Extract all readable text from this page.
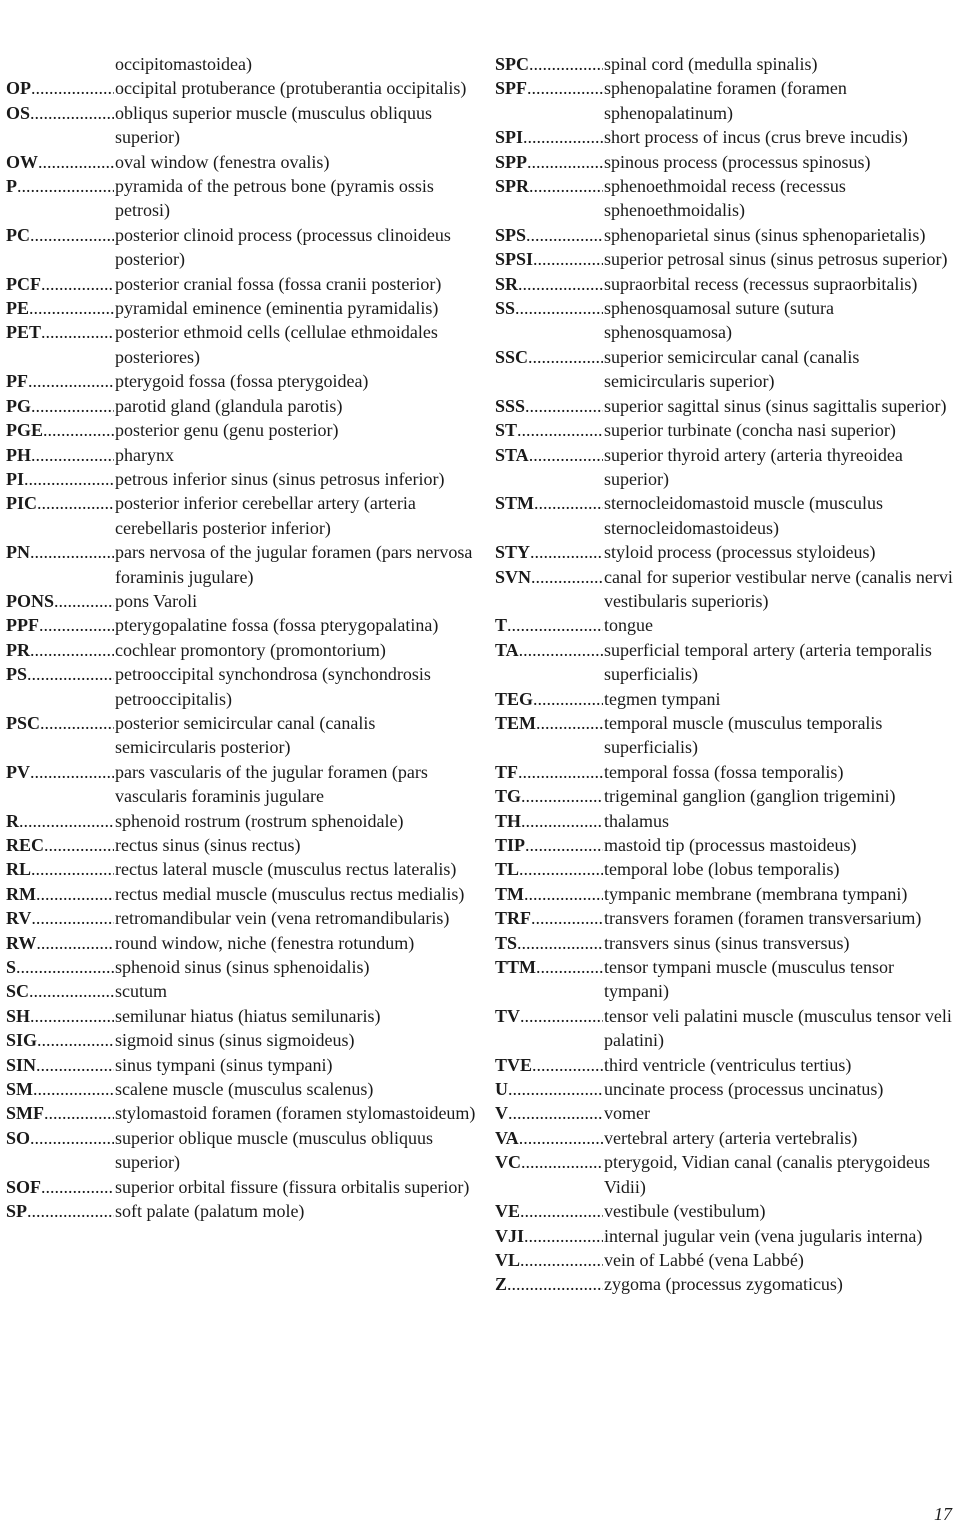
occipitomastoidea)
OP .....	occipital protuberance (protuberantia occipitalis)
OS .....	obliqus superior muscle (musculus obliquus superior)
OW .....	oval window (fenestra ovalis)
P .....	pyramida of the petrous bone (pyramis ossis petrosi)
PC .....	posterior clinoid process (processus clinoideus posterior)
PCF .....	posterior cranial fossa (fossa cranii posterior)
PE .....	pyramidal eminence (eminentia pyramidalis)
PET .....	posterior ethmoid cells (cellulae ethmoidales posteriores)
PF .....	pterygoid fossa (fossa pterygoidea)
PG .....	parotid gland (glandula parotis)
PGE .....	posterior genu (genu posterior)
PH .....	pharynx
PI .....	petrous inferior sinus (sinus petrosus inferior)
PIC .....	posterior inferior cerebellar artery (arteria cerebellaris posterior inferior)
PN .....	pars nervosa of the jugular foramen (pars nervosa foraminis jugulare)
PONS .....	pons Varoli
PPF .....	pterygopalatine fossa (fossa pterygopalatina)
PR .....	cochlear promontory (promontorium)
PS .....	petrooccipital synchondrosa (synchondrosis petrooccipitalis)
PSC .....	posterior semicircular canal (canalis semicircularis posterior)
PV .....	pars vascularis of the jugular foramen (pars vascularis foraminis jugulare
R .....	sphenoid rostrum (rostrum sphenoidale)
REC .....	rectus sinus (sinus rectus)
RL .....	rectus lateral muscle (musculus rectus lateralis)
RM .....	rectus medial muscle (musculus rectus medialis)
RV .....	retromandibular vein (vena retromandibularis)
RW .....	round window, niche (fenestra rotundum)
S .....	sphenoid sinus (sinus sphenoidalis)
SC .....	scutum
SH .....	semilunar hiatus (hiatus semilunaris)
SIG .....	sigmoid sinus (sinus sigmoideus)
SIN .....	sinus tympani (sinus tympani)
SM .....	scalene muscle (musculus scalenus)
SMF .....	stylomastoid foramen (foramen stylomastoideum)
SO .....	superior oblique muscle (musculus obliquus superior)
SOF .....	superior orbital fissure (fissura orbitalis superior)
SP .....	soft palate (palatum mole)
SPC .....	spinal cord (medulla spinalis)
SPF .....	sphenopalatine foramen (foramen sphenopalatinum)
SPI .....	short process of incus (crus breve incudis)
SPP .....	spinous process (processus spinosus)
SPR .....	sphenoethmoidal recess (recessus sphenoethmoidalis)
SPS .....	sphenoparietal sinus (sinus sphenoparietalis)
SPSI .....	superior petrosal sinus (sinus petrosus superior)
SR .....	supraorbital recess (recessus supraorbitalis)
SS .....	sphenosquamosal suture (sutura sphenosquamosa)
SSC .....	superior semicircular canal (canalis semicircularis superior)
SSS .....	superior sagittal sinus (sinus sagittalis superior)
ST .....	superior turbinate (concha nasi superior)
STA .....	superior thyroid artery (arteria thyreoidea superior)
STM .....	sternocleidomastoid muscle (musculus sternocleidomastoideus)
STY .....	styloid process (processus styloideus)
SVN .....	canal for superior vestibular nerve (canalis nervi vestibularis superioris)
T .....	tongue
TA .....	superficial temporal artery (arteria temporalis superficialis)
TEG .....	tegmen tympani
TEM .....	temporal muscle (musculus temporalis superficialis)
TF .....	temporal fossa (fossa temporalis)
TG .....	trigeminal ganglion (ganglion trigemini)
TH .....	thalamus
TIP .....	mastoid tip (processus mastoideus)
TL .....	temporal lobe (lobus temporalis)
TM .....	tympanic membrane (membrana tympani)
TRF .....	transvers foramen (foramen transversarium)
TS .....	transvers sinus (sinus transversus)
TTM .....	tensor tympani muscle (musculus tensor tympani)
TV .....	tensor veli palatini muscle (musculus tensor veli palatini)
TVE .....	third ventricle (ventriculus tertius)
U .....	uncinate process (processus uncinatus)
V .....	vomer
VA .....	vertebral artery (arteria vertebralis)
VC .....	pterygoid, Vidian canal (canalis pterygoideus Vidii)
VE .....	vestibule (vestibulum)
VJI .....	internal jugular vein (vena jugularis interna)
VL .....	vein of Labbé (vena Labbé)
Z .....	zygoma (processus zygomaticus)
17
